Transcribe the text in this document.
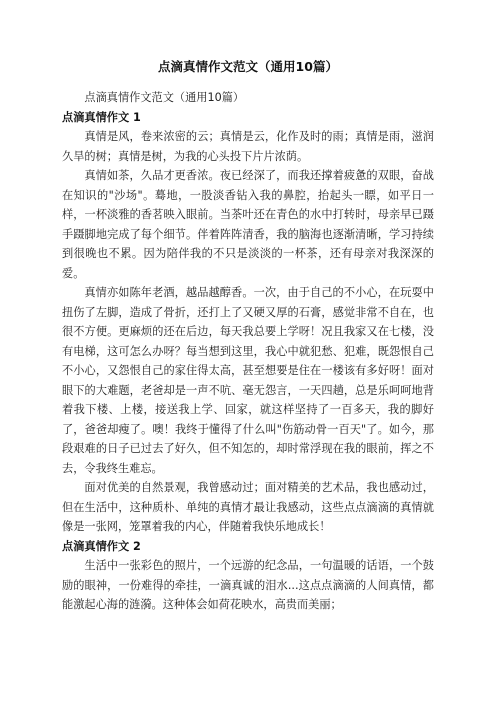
点滴真情作文范文（通用10篇）

点滴真情作文范文（通用10篇）

点滴真情作文 1

真情是风，卷来浓密的云；真情是云，化作及时的雨；真情是雨，滋润久旱的树；真情是树，为我的心头投下片片浓荫。

真情如茶，久品才更香浓。夜已经深了，而我还撑着疲惫的双眼，奋战在知识的"沙场"。蓦地，一股淡香钻入我的鼻腔，抬起头一瞟，如平日一样，一杯淡雅的香茗映入眼前。当茶叶还在青色的水中打转时，母亲早已蹑手蹑脚地完成了每个细节。伴着阵阵清香，我的脑海也逐渐清晰，学习持续到很晚也不累。因为陪伴我的不只是淡淡的一杯茶，还有母亲对我深深的爱。

真情亦如陈年老酒，越品越醇香。一次，由于自己的不小心，在玩耍中扭伤了左脚，造成了骨折，还打上了又硬又厚的石膏，感觉非常不自在，也很不方便。更麻烦的还在后边，每天我总要上学呀！况且我家又在七楼，没有电梯，这可怎么办呀？每当想到这里，我心中就犯愁、犯难，既怨恨自己不小心，又怨恨自己的家住得太高，甚至想要是住在一楼该有多好呀！面对眼下的大难题，老爸却是一声不吭、毫无怨言，一天四趟，总是乐呵呵地背着我下楼、上楼，接送我上学、回家，就这样坚持了一百多天，我的脚好了，爸爸却瘦了。噢！我终于懂得了什么叫"伤筋动骨一百天"了。如今，那段艰难的日子已过去了好久，但不知怎的，却时常浮现在我的眼前，挥之不去，令我终生难忘。

面对优美的自然景观，我曾感动过；面对精美的艺术品，我也感动过，但在生活中，这种质朴、单纯的真情才最让我感动，这些点点滴滴的真情就像是一张网，笼罩着我的内心，伴随着我快乐地成长！

点滴真情作文 2

生活中一张彩色的照片，一个远游的纪念品，一句温暖的话语，一个鼓励的眼神，一份难得的牵挂，一滴真诚的泪水...这点点滴滴的人间真情，都能激起心海的涟漪。这种体会如荷花映水，高贵而美丽；
